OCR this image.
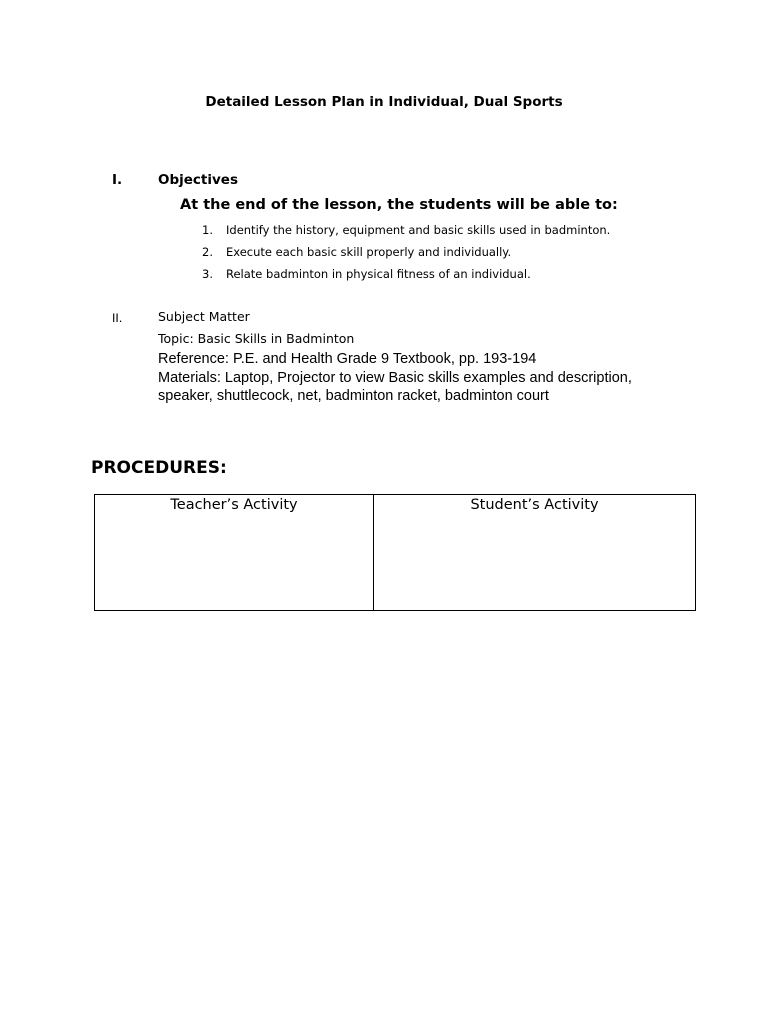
Detailed Lesson Plan in Individual, Dual Sports
I.	Objectives
At the end of the lesson, the students will be able to:
1. Identify the history, equipment and basic skills used in badminton.
2. Execute each basic skill properly and individually.
3. Relate badminton in physical fitness of an individual.
II.	Subject Matter
Topic: Basic Skills in Badminton
Reference: P.E. and Health Grade 9 Textbook, pp. 193-194
Materials: Laptop, Projector to view Basic skills examples and description,
speaker, shuttlecock, net, badminton racket, badminton court
PROCEDURES:
Teacher’s Activity	Student’s Activity
